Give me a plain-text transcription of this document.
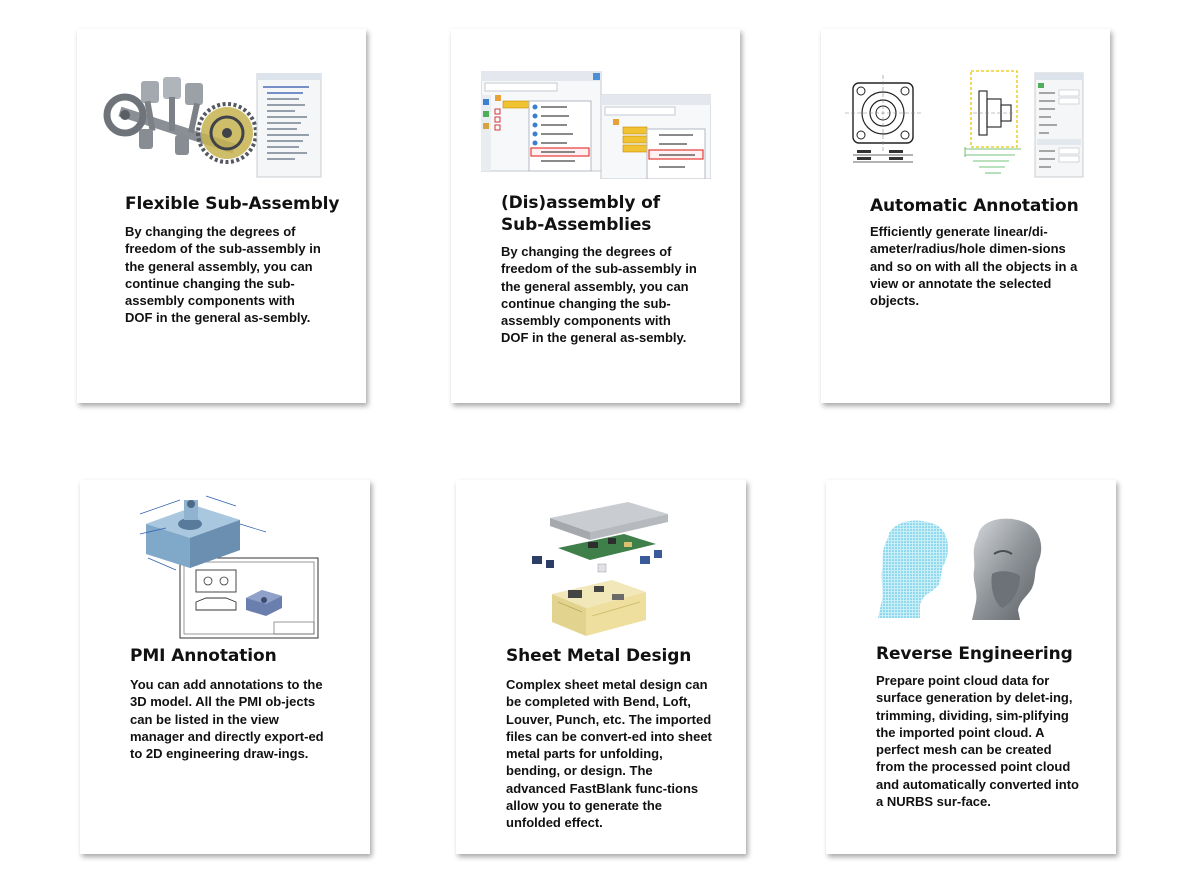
Flexible Sub-Assembly

By changing the degrees of freedom of the sub-assembly in the general assembly, you can continue changing the sub-assembly components with DOF in the general as-sembly.

(Dis)assembly of Sub-Assemblies

By changing the degrees of freedom of the sub-assembly in the general assembly, you can continue changing the sub-assembly components with DOF in the general as-sembly.

Automatic Annotation

Efficiently generate linear/di-ameter/radius/hole dimen-sions and so on with all the objects in a view or annotate the selected objects.

PMI Annotation

You can add annotations to the 3D model. All the PMI ob-jects can be listed in the view manager and directly export-ed to 2D engineering draw-ings.

Sheet Metal Design

Complex sheet metal design can be completed with Bend, Loft, Louver, Punch, etc. The imported files can be convert-ed into sheet metal parts for unfolding, bending, or design. The advanced FastBlank func-tions allow you to generate the unfolded effect.

Reverse Engineering

Prepare point cloud data for surface generation by delet-ing, trimming, dividing, sim-plifying the imported point cloud. A perfect mesh can be created from the processed point cloud and automatically converted into a NURBS sur-face.
